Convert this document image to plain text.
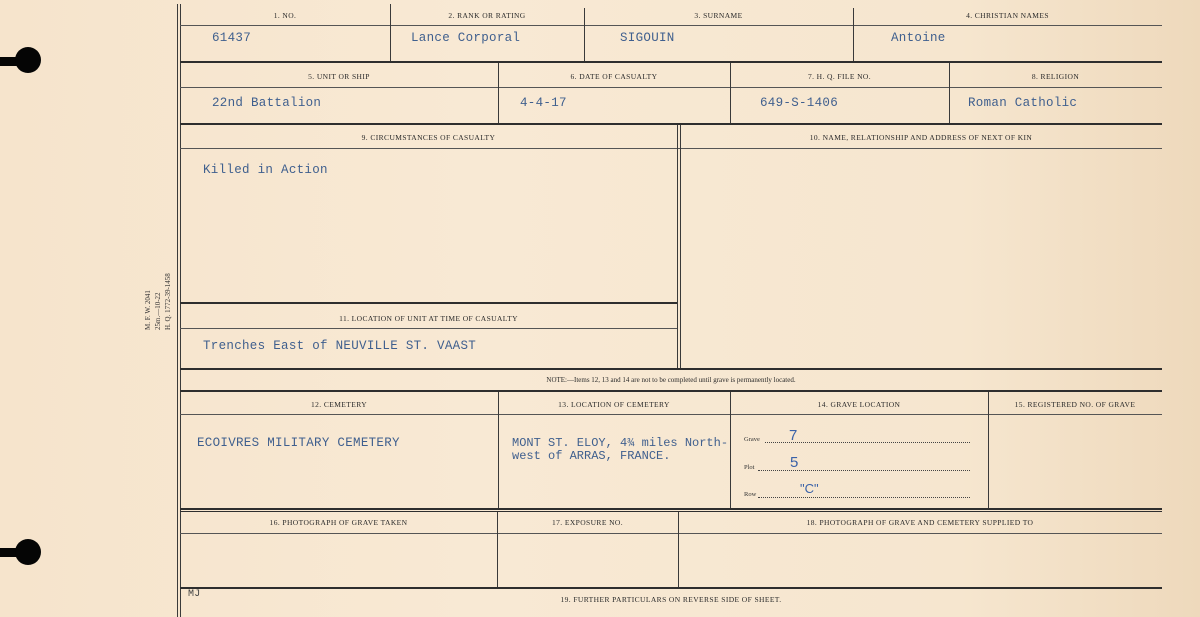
M. F. W. 2041 25m.—10-22 H. Q. 1772-39-1458
1. NO.	2. RANK OR RATING	3. SURNAME	4. CHRISTIAN NAMES
61437	Lance Corporal	SIGOUIN	Antoine
5. UNIT OR SHIP	6. DATE OF CASUALTY	7. H. Q. FILE NO.	8. RELIGION
22nd Battalion	4-4-17	649-S-1406	Roman Catholic
9. CIRCUMSTANCES OF CASUALTY	10. NAME, RELATIONSHIP AND ADDRESS OF NEXT OF KIN
Killed in Action
11. LOCATION OF UNIT AT TIME OF CASUALTY
Trenches East of NEUVILLE ST. VAAST
NOTE:—Items 12, 13 and 14 are not to be completed until grave is permanently located.
12. CEMETERY	13. LOCATION OF CEMETERY	14. GRAVE LOCATION	15. REGISTERED NO. OF GRAVE
ECOIVRES MILITARY CEMETERY	MONT ST. ELOY, 4¾ miles North-
west of ARRAS, FRANCE.
Grave 7
Plot 5
Row	"C"
16. PHOTOGRAPH OF GRAVE TAKEN	17. EXPOSURE NO.	18. PHOTOGRAPH OF GRAVE AND CEMETERY SUPPLIED TO
MJ	19. FURTHER PARTICULARS ON REVERSE SIDE OF SHEET.
